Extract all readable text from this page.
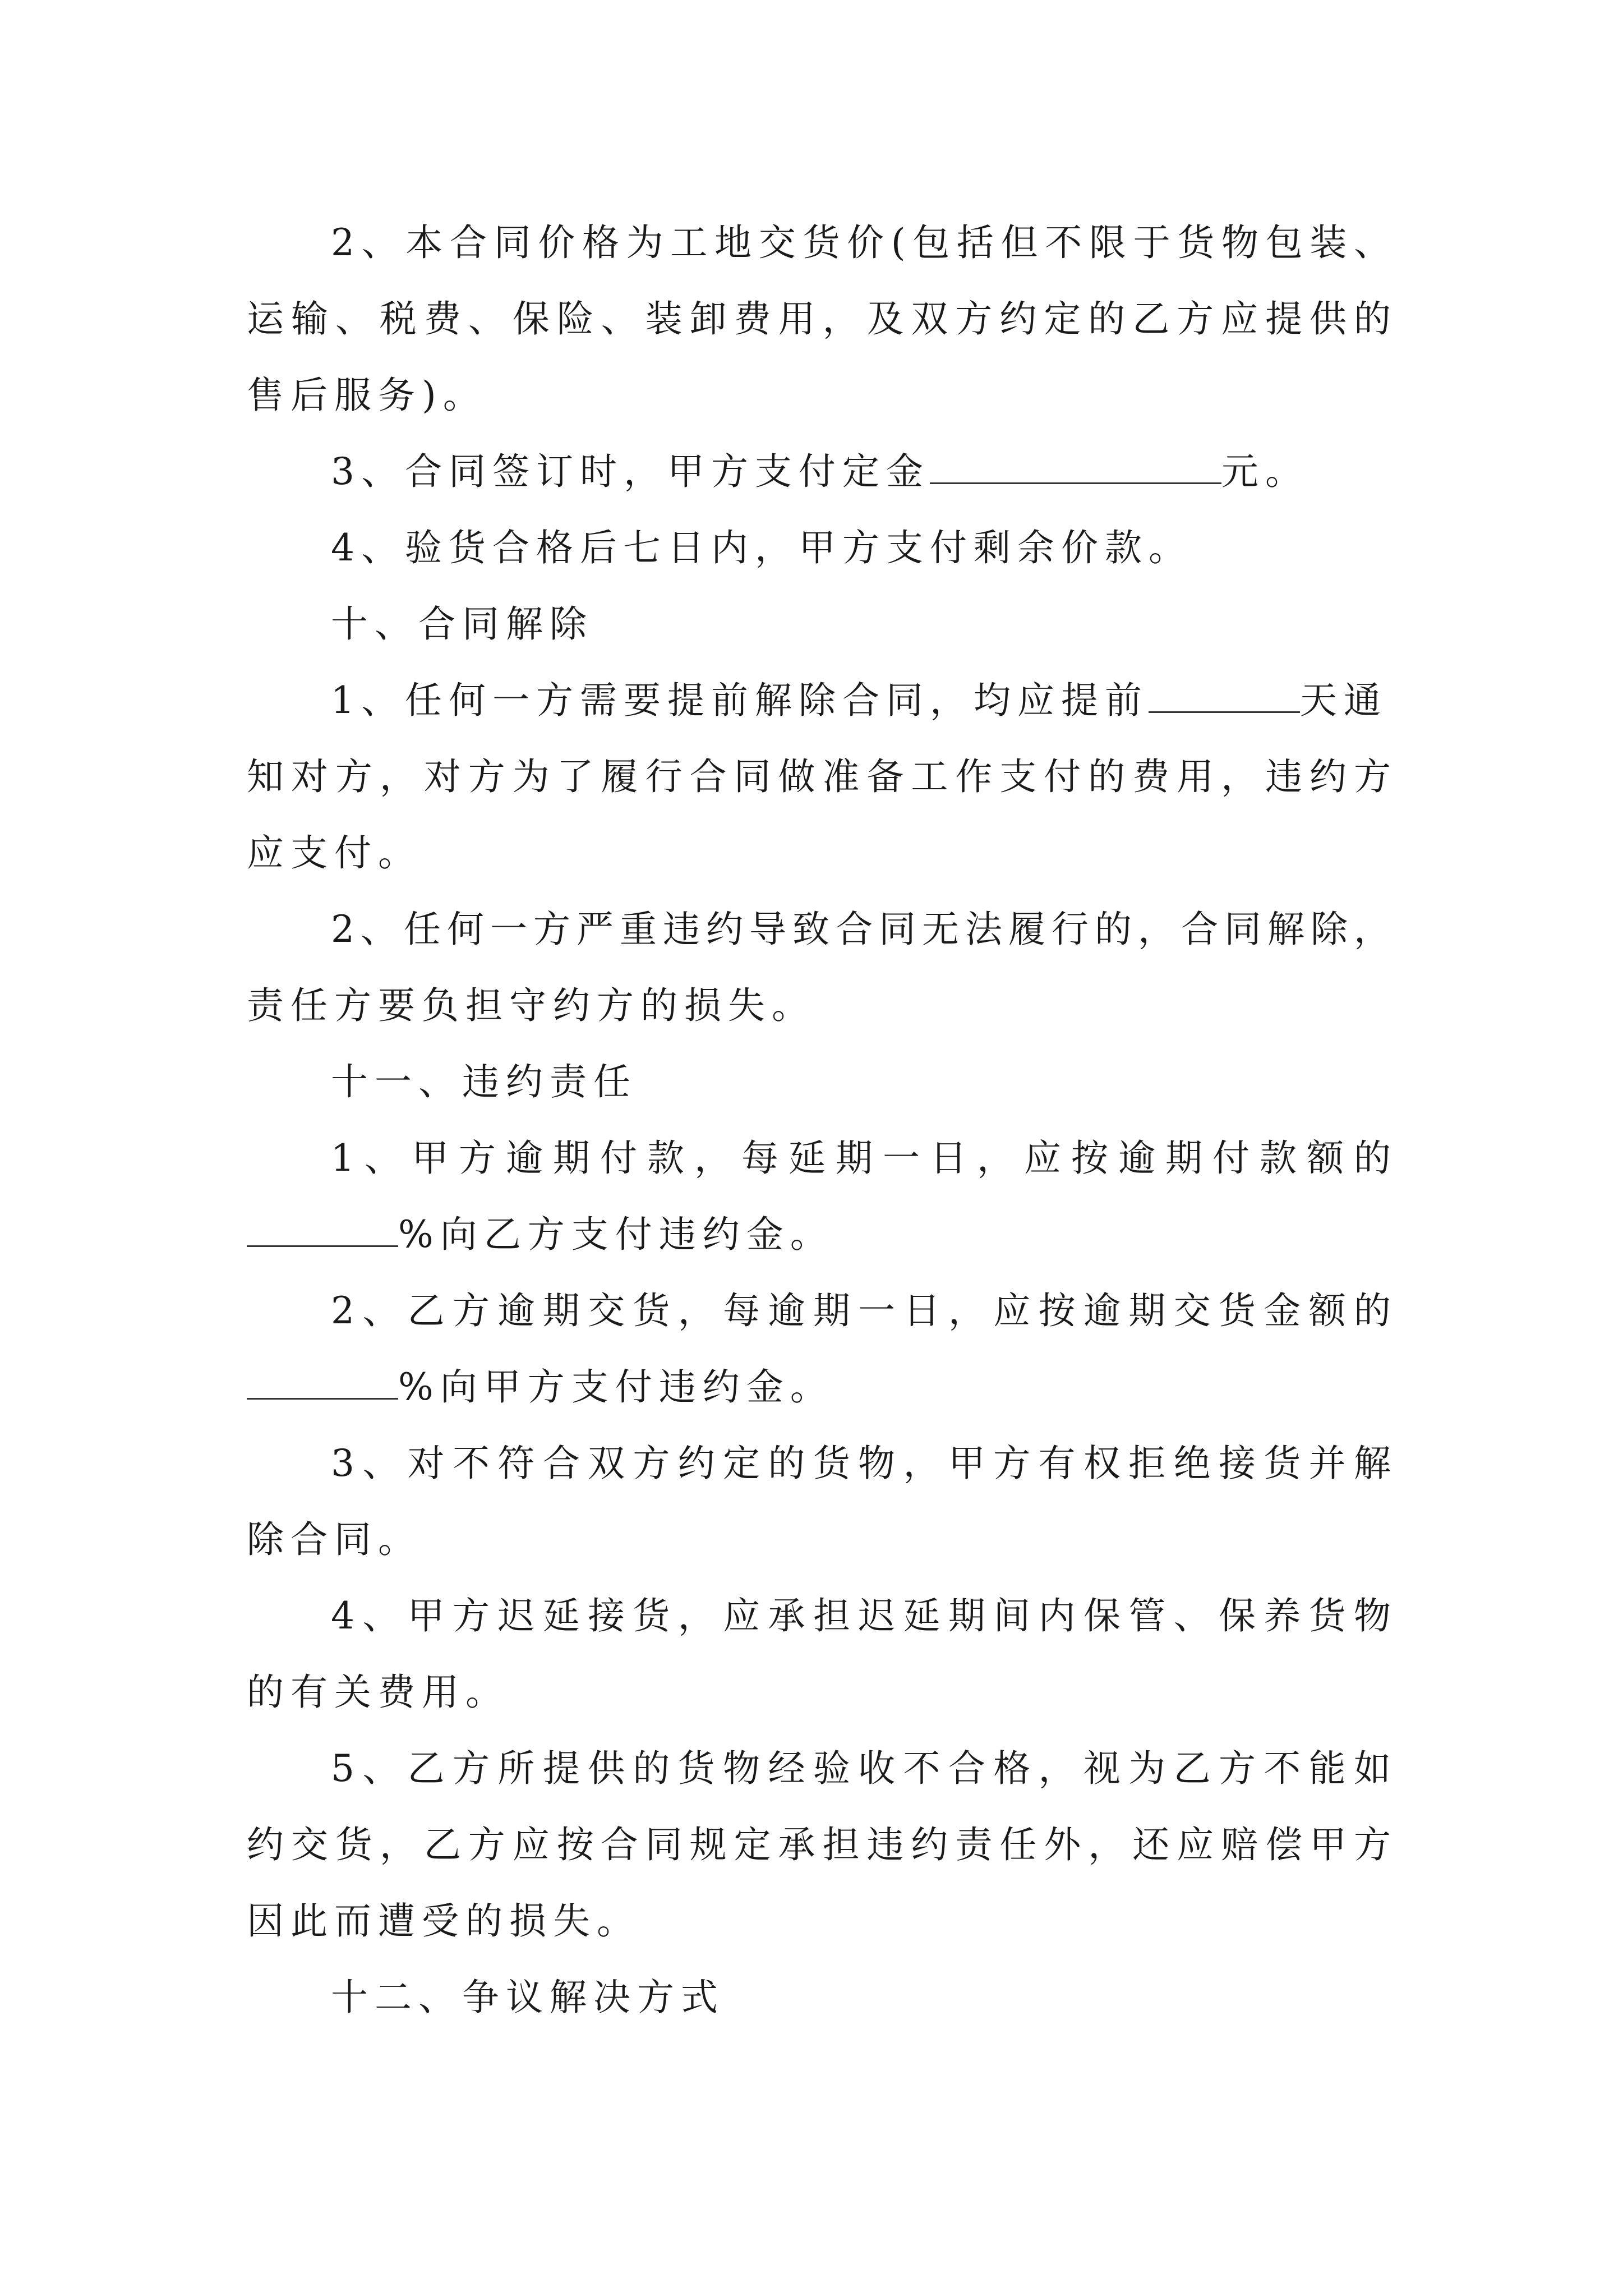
2、本合同价格为工地交货价(包括但不限于货物包装、
运输、税费、保险、装卸费用，及双方约定的乙方应提供的
售后服务)。
3、合同签订时，甲方支付定金	元。
4、验货合格后七日内，甲方支付剩余价款。
十、合同解除
1、任何一方需要提前解除合同，均应提前	天通
知对方，对方为了履行合同做准备工作支付的费用，违约方
应支付。
2、任何一方严重违约导致合同无法履行的，合同解除，
责任方要负担守约方的损失。
十一、违约责任
1、甲方逾期付款，每延期一日，应按逾期付款额的
%向乙方支付违约金。
2、乙方逾期交货，每逾期一日，应按逾期交货金额的
%向甲方支付违约金。
3、对不符合双方约定的货物，甲方有权拒绝接货并解
除合同。
4、甲方迟延接货，应承担迟延期间内保管、保养货物
的有关费用。
5、乙方所提供的货物经验收不合格，视为乙方不能如
约交货，乙方应按合同规定承担违约责任外，还应赔偿甲方
因此而遭受的损失。
十二、争议解决方式
